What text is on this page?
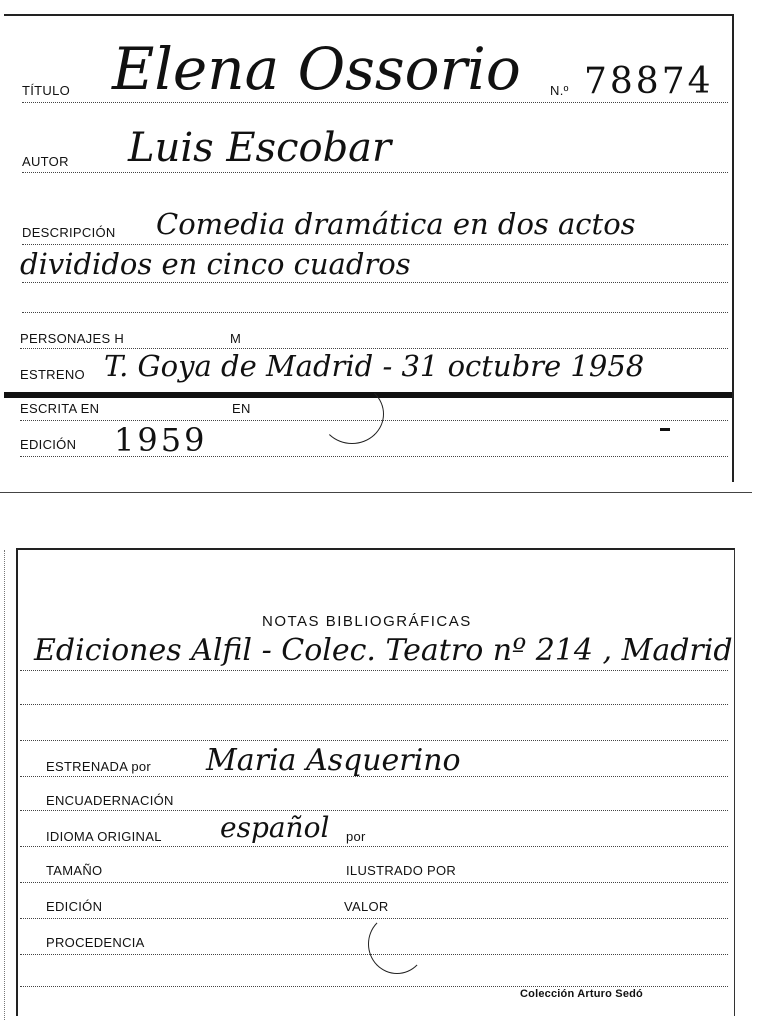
TÍTULO Elena Ossorio N.º 78874
AUTOR Luis Escobar
DESCRIPCIÓN Comedia dramática en dos actos
divididos en cinco cuadros
PERSONAJES H	M
ESTRENO T. Goya de Madrid - 31 octubre 1958
ESCRITA EN	EN
EDICIÓN 1959
NOTAS BIBLIOGRÁFICAS
Ediciones Alfil - Colec. Teatro nº 214 , Madrid
ESTRENADA por Maria Asquerino
ENCUADERNACIÓN
IDIOMA ORIGINAL español por
TAMAÑO	ILUSTRADO POR
EDICIÓN	VALOR
PROCEDENCIA
Colección Arturo Sedó
